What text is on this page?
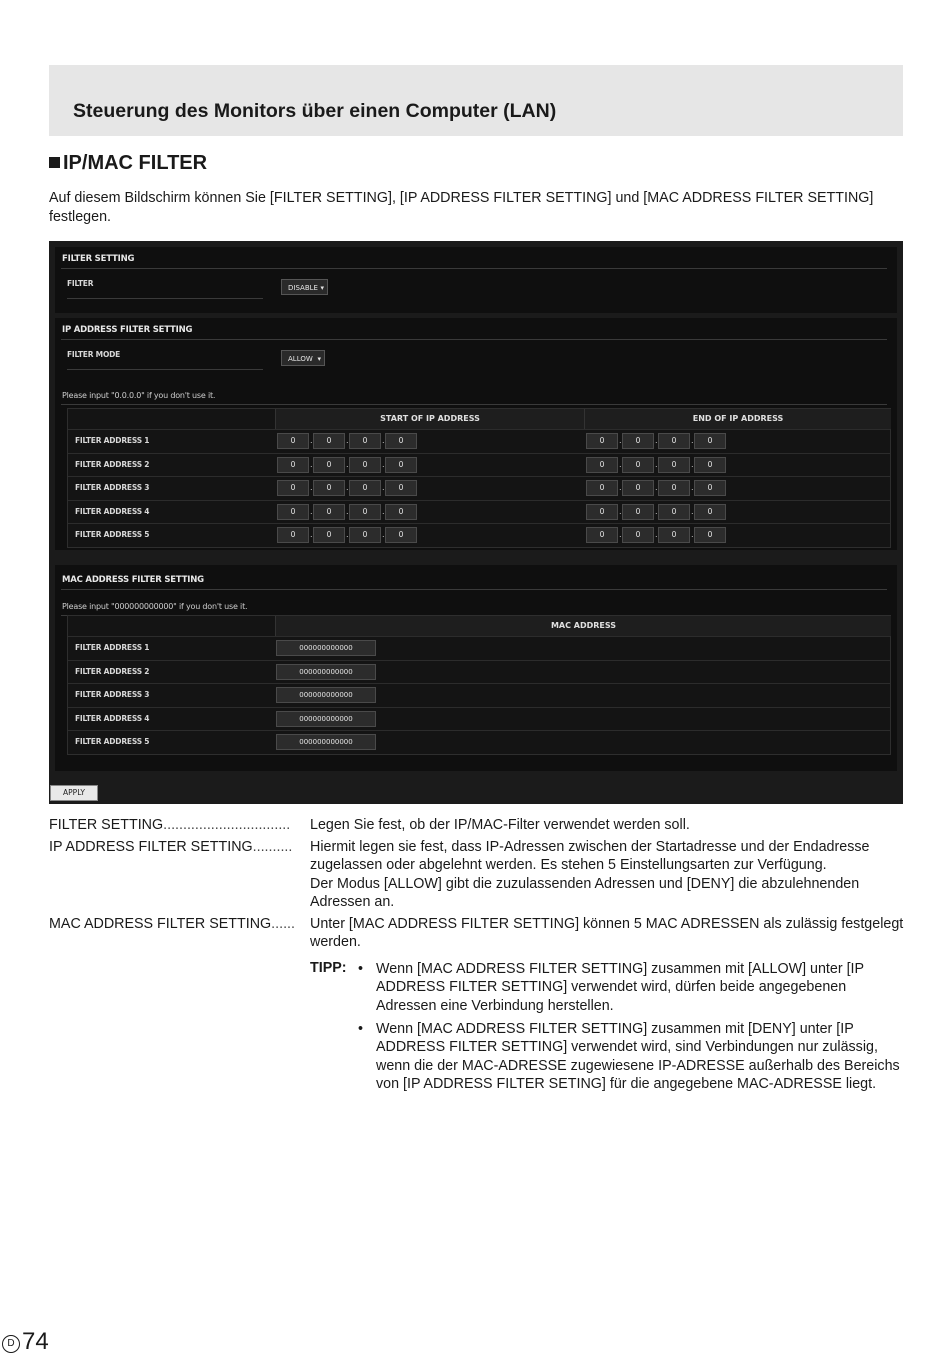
Steuerung des Monitors über einen Computer (LAN)
IP/MAC FILTER
Auf diesem Bildschirm können Sie [FILTER SETTING], [IP ADDRESS FILTER SETTING] und [MAC ADDRESS FILTER SETTING] festlegen.
FILTER SETTING
FILTER	DISABLE ▾
IP ADDRESS FILTER SETTING
FILTER MODE	ALLOW ▾
Please input "0.0.0.0" if you don't use it.
START OF IP ADDRESS	END OF IP ADDRESS
FILTER ADDRESS 1	0	.	0	.	0	.	0	0	.	0	.	0	.	0
FILTER ADDRESS 2	0	.	0	.	0	.	0	0	.	0	.	0	.	0
FILTER ADDRESS 3	0	.	0	.	0	.	0	0	.	0	.	0	.	0
FILTER ADDRESS 4	0	.	0	.	0	.	0	0	.	0	.	0	.	0
FILTER ADDRESS 5	0	.	0	.	0	.	0	0	.	0	.	0	.	0
MAC ADDRESS FILTER SETTING
Please input "000000000000" if you don't use it.
MAC ADDRESS
FILTER ADDRESS 1	000000000000
FILTER ADDRESS 2	000000000000
FILTER ADDRESS 3	000000000000
FILTER ADDRESS 4	000000000000
FILTER ADDRESS 5	000000000000
APPLY
FILTER SETTING................................	Legen Sie fest, ob der IP/MAC-Filter verwendet werden soll.

IP ADDRESS FILTER SETTING..........	Hiermit legen sie fest, dass IP-Adressen zwischen der Startadresse und der Endadresse zugelassen oder abgelehnt werden. Es stehen 5 Einstellungsarten zur Verfügung.

Der Modus [ALLOW] gibt die zuzulassenden Adressen und [DENY] die abzulehnenden Adressen an.

MAC ADDRESS FILTER SETTING......	Unter [MAC ADDRESS FILTER SETTING] können 5 MAC ADRESSEN als zulässig festgelegt werden.

TIPP: • Wenn [MAC ADDRESS FILTER SETTING] zusammen mit [ALLOW] unter [IP ADDRESS FILTER SETTING] verwendet wird, dürfen beide angegebenen Adressen eine Verbindung herstellen.
• Wenn [MAC ADDRESS FILTER SETTING] zusammen mit [DENY] unter [IP ADDRESS FILTER SETTING] verwendet wird, sind Verbindungen nur zulässig, wenn die der MAC-ADRESSE zugewiesene IP-ADRESSE außerhalb des Bereichs von [IP ADDRESS FILTER SETING] für die angegebene MAC-ADRESSE liegt.
D 74
